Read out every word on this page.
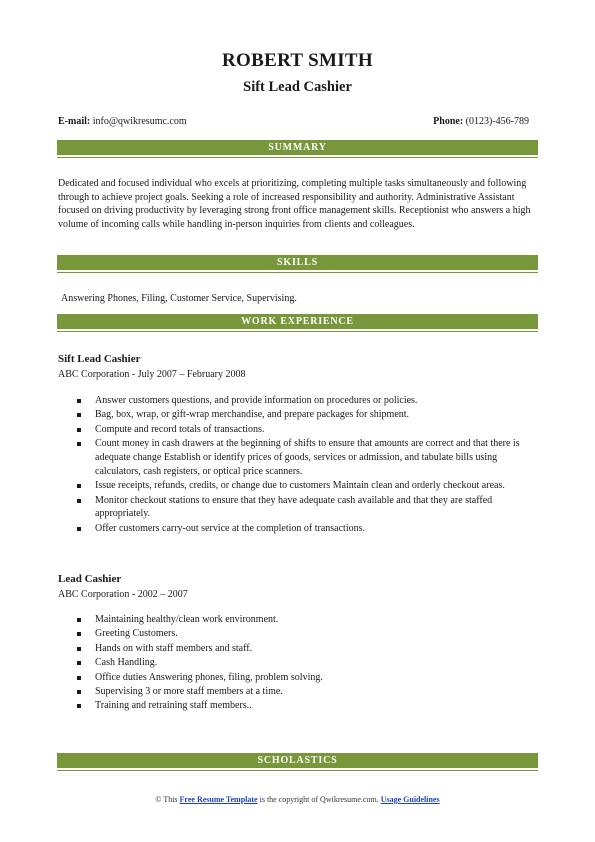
ROBERT SMITH
Sift Lead Cashier
E-mail: info@qwikresumc.com	Phone: (0123)-456-789
SUMMARY
Dedicated and focused individual who excels at prioritizing, completing multiple tasks simultaneously and following through to achieve project goals. Seeking a role of increased responsibility and authority. Administrative Assistant focused on driving productivity by leveraging strong front office management skills. Receptionist who answers a high volume of incoming calls while handling in-person inquiries from clients and colleagues.
SKILLS
Answering Phones, Filing, Customer Service, Supervising.
WORK EXPERIENCE
Sift Lead Cashier
ABC Corporation - July 2007 – February 2008
Answer customers questions, and provide information on procedures or policies.
Bag, box, wrap, or gift-wrap merchandise, and prepare packages for shipment.
Compute and record totals of transactions.
Count money in cash drawers at the beginning of shifts to ensure that amounts are correct and that there is adequate change Establish or identify prices of goods, services or admission, and tabulate bills using calculators, cash registers, or optical price scanners.
Issue receipts, refunds, credits, or change due to customers Maintain clean and orderly checkout areas.
Monitor checkout stations to ensure that they have adequate cash available and that they are staffed appropriately.
Offer customers carry-out service at the completion of transactions.
Lead Cashier
ABC Corporation - 2002 – 2007
Maintaining healthy/clean work environment.
Greeting Customers.
Hands on with staff members and staff.
Cash Handling.
Office duties Answering phones, filing, problem solving.
Supervising 3 or more staff members at a time.
Training and retraining staff members..
SCHOLASTICS
© This Free Resume Template is the copyright of Qwikresume.com. Usage Guidelines
